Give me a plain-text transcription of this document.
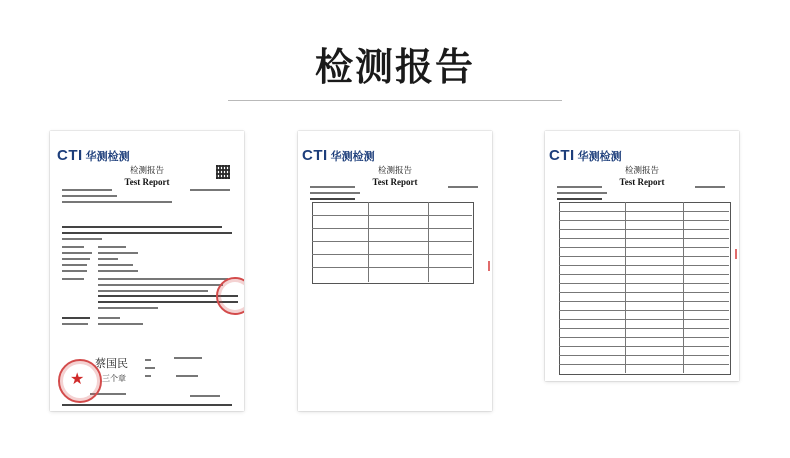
检测报告
CTI 华测检测
检测报告
Test Report
蔡国民
三个章
★
CTI 华测检测
检测报告
Test Report
CTI 华测检测
检测报告
Test Report
